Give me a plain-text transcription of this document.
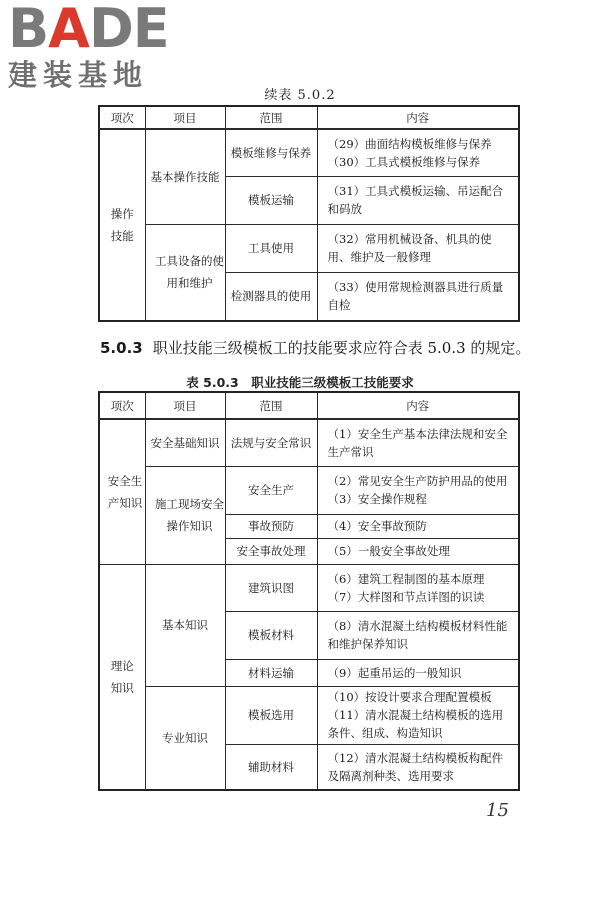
BADE
建装基地
续表 5.0.2
项次	项目	范围	内容

操作技能	基本操作技能	模板维修与保养	（29）曲面结构模板维修与保养
（30）工具式模板维修与保养

		模板运输	（31）工具式模板运输、吊运配合和码放

	工具设备的使用和维护	工具使用	（32）常用机械设备、机具的使用、维护及一般修理

		检测器具的使用	（33）使用常规检测器具进行质量自检
5.0.3 职业技能三级模板工的技能要求应符合表 5.0.3 的规定。
表 5.0.3　职业技能三级模板工技能要求
项次	项目	范围	内容

安全生产知识	安全基础知识	法规与安全常识	（1）安全生产基本法律法规和安全生产常识

	施工现场安全操作知识	安全生产	（2）常见安全生产防护用品的使用
（3）安全操作规程

		事故预防	（4）安全事故预防

		安全事故处理	（5）一般安全事故处理

理论知识	基本知识	建筑识图	（6）建筑工程制图的基本原理
（7）大样图和节点详图的识读

		模板材料	（8）清水混凝土结构模板材料性能和维护保养知识

		材料运输	（9）起重吊运的一般知识

	专业知识	模板选用	（10）按设计要求合理配置模板
（11）清水混凝土结构模板的选用条件、组成、构造知识

		辅助材料	（12）清水混凝土结构模板构配件及隔离剂种类、选用要求
15
